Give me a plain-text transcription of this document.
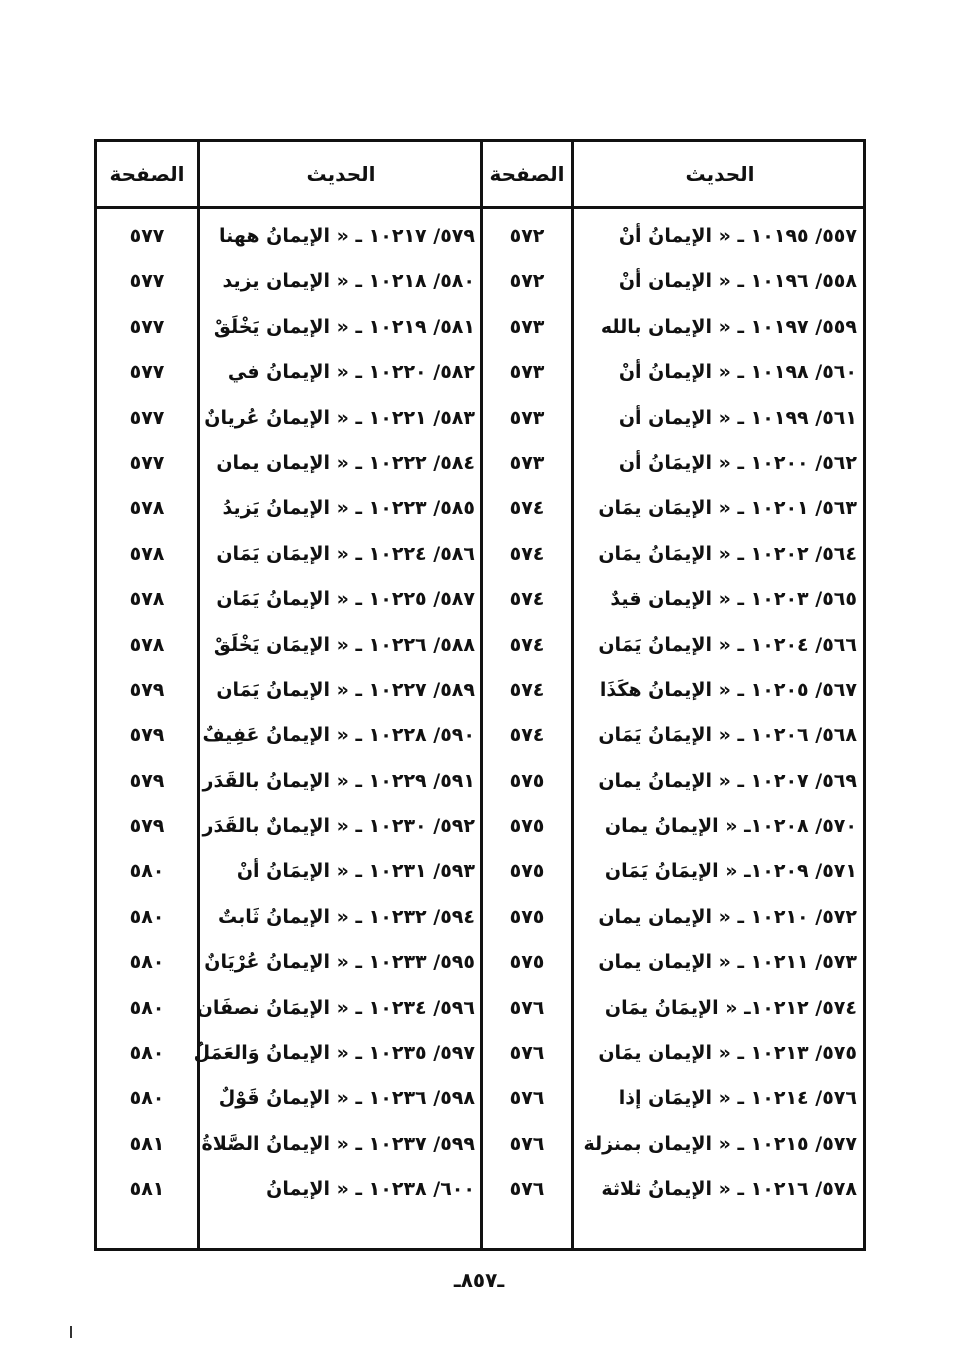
الحديث
الصفحة
٥٥٧/ ١٠١٩٥ ـ « الإيمانُ أنْ
٥٧٢
٥٥٨/ ١٠١٩٦ ـ « الإيمان أنْ
٥٧٢
٥٥٩/ ١٠١٩٧ ـ « الإيمان بالله
٥٧٣
٥٦٠/ ١٠١٩٨ ـ « الإيمانُ أنْ
٥٧٣
٥٦١/ ١٠١٩٩ ـ « الإيمان أن
٥٧٣
٥٦٢/ ١٠٢٠٠ ـ « الإيمَانُ أن
٥٧٣
٥٦٣/ ١٠٢٠١ ـ « الإيمَان يمَان
٥٧٤
٥٦٤/ ١٠٢٠٢ ـ « الإيمَانُ يمَان
٥٧٤
٥٦٥/ ١٠٢٠٣ ـ « الإيمان قيدٌ
٥٧٤
٥٦٦/ ١٠٢٠٤ ـ « الإيمانُ يَمَان
٥٧٤
٥٦٧/ ١٠٢٠٥ ـ « الإيمانُ هكَذَا
٥٧٤
٥٦٨/ ١٠٢٠٦ ـ « الإيمَانُ يَمَان
٥٧٤
٥٦٩/ ١٠٢٠٧ ـ « الإيمانُ يمان
٥٧٥
٥٧٠/ ١٠٢٠٨ـ « الإيمانُ يمان
٥٧٥
٥٧١/ ١٠٢٠٩ـ « الإيمَانُ يَمَان
٥٧٥
٥٧٢/ ١٠٢١٠ ـ « الإيمان يمان
٥٧٥
٥٧٣/ ١٠٢١١ ـ « الإيمان يمان
٥٧٥
٥٧٤/ ١٠٢١٢ـ « الإيمَانُ يمَان
٥٧٦
٥٧٥/ ١٠٢١٣ ـ « الإيمان يمَان
٥٧٦
٥٧٦/ ١٠٢١٤ ـ « الإيمَان إذا
٥٧٦
٥٧٧/ ١٠٢١٥ ـ « الإيمان بمنزلة
٥٧٦
٥٧٨/ ١٠٢١٦ ـ « الإيمانُ ثلاثة
٥٧٦
الحديث
الصفحة
٥٧٩/ ١٠٢١٧ ـ « الإيمانُ ههنا
٥٧٧
٥٨٠/ ١٠٢١٨ ـ « الإيمان يزيد
٥٧٧
٥٨١/ ١٠٢١٩ ـ « الإيمان يَخْلَقْ
٥٧٧
٥٨٢/ ١٠٢٢٠ ـ « الإيمانُ في
٥٧٧
٥٨٣/ ١٠٢٢١ ـ « الإيمانُ عُريانٌ
٥٧٧
٥٨٤/ ١٠٢٢٢ ـ « الإيمان يمان
٥٧٧
٥٨٥/ ١٠٢٢٣ ـ « الإيمانُ يَزيدُ
٥٧٨
٥٨٦/ ١٠٢٢٤ ـ « الإيمَان يَمَان
٥٧٨
٥٨٧/ ١٠٢٢٥ ـ « الإيمانُ يَمَان
٥٧٨
٥٨٨/ ١٠٢٢٦ ـ « الإيمَان يَخْلَقْ
٥٧٨
٥٨٩/ ١٠٢٢٧ ـ « الإيمانُ يَمَان
٥٧٩
٥٩٠/ ١٠٢٢٨ ـ « الإيمانُ عَفِيفٌ
٥٧٩
٥٩١/ ١٠٢٢٩ ـ « الإيمانُ بالقَدَر
٥٧٩
٥٩٢/ ١٠٢٣٠ ـ « الإيمانٌ بالقَدَر
٥٧٩
٥٩٣/ ١٠٢٣١ ـ « الإيمَانُ أنْ
٥٨٠
٥٩٤/ ١٠٢٣٢ ـ « الإيمانُ ثَابتٌ
٥٨٠
٥٩٥/ ١٠٢٣٣ ـ « الإيمانُ عُرْيَانٌ
٥٨٠
٥٩٦/ ١٠٢٣٤ ـ « الإيمَانُ نصفَان
٥٨٠
٥٩٧/ ١٠٢٣٥ ـ « الإيمانُ وَالعَمَلُ
٥٨٠
٥٩٨/ ١٠٢٣٦ ـ « الإيمانُ قَوْلٌ
٥٨٠
٥٩٩/ ١٠٢٣٧ ـ « الإيمانُ الصَّلاةُ
٥٨١
٦٠٠/ ١٠٢٣٨ ـ « الإيمانُ
٥٨١
ـ٨٥٧ـ
